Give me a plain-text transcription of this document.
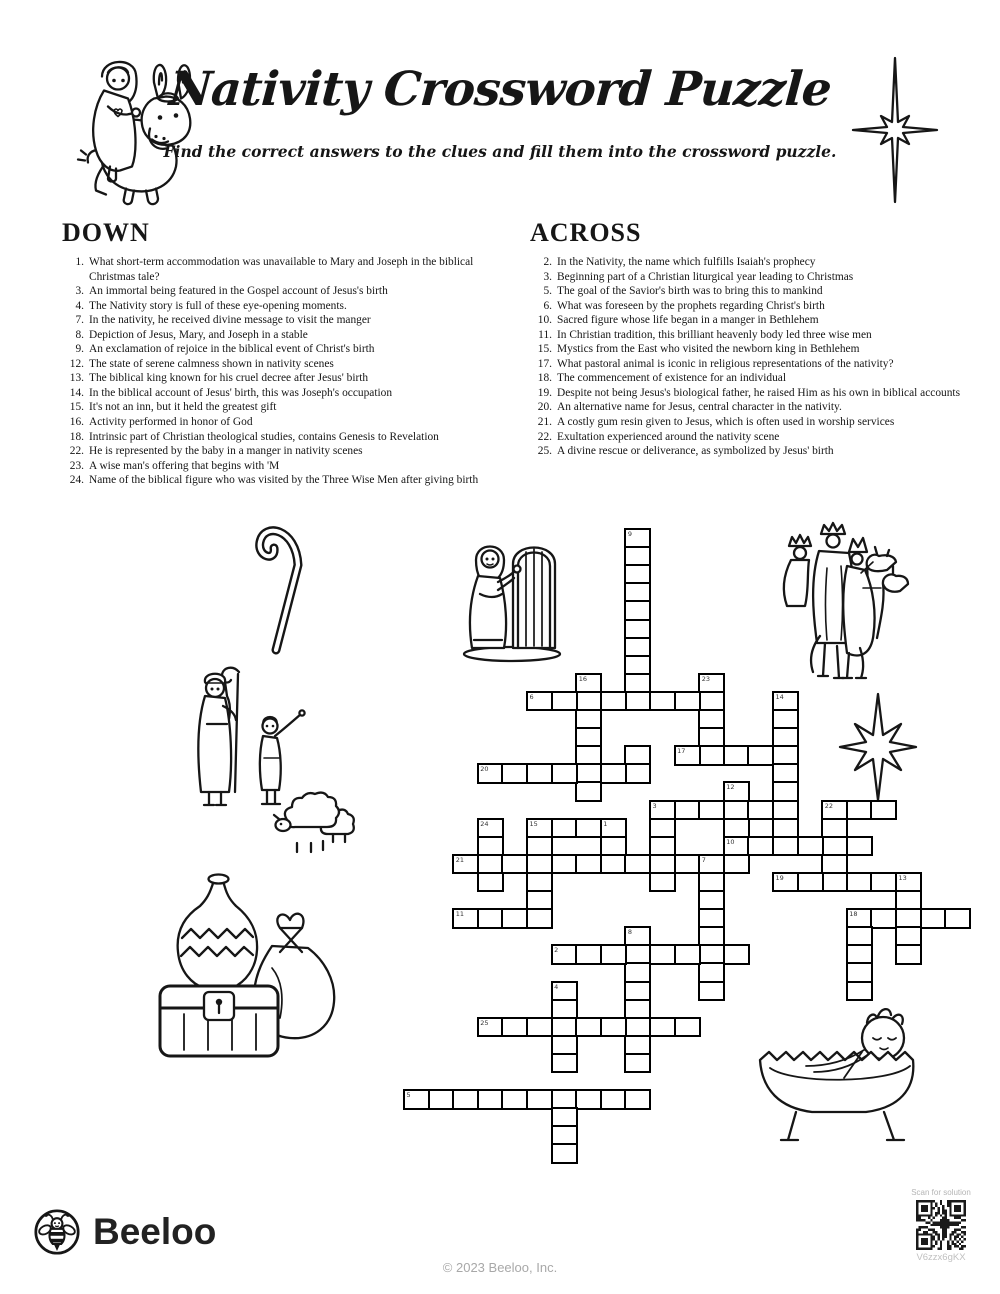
Nativity Crossword Puzzle
Find the correct answers to the clues and fill them into the crossword puzzle.
DOWN
1. What short-term accommodation was unavailable to Mary and Joseph in the biblical Christmas tale?
3. An immortal being featured in the Gospel account of Jesus's birth
4. The Nativity story is full of these eye-opening moments.
7. In the nativity, he received divine message to visit the manger
8. Depiction of Jesus, Mary, and Joseph in a stable
9. An exclamation of rejoice in the biblical event of Christ's birth
12. The state of serene calmness shown in nativity scenes
13. The biblical king known for his cruel decree after Jesus' birth
14. In the biblical account of Jesus' birth, this was Joseph's occupation
15. It's not an inn, but it held the greatest gift
16. Activity performed in honor of God
18. Intrinsic part of Christian theological studies, contains Genesis to Revelation
22. He is represented by the baby in a manger in nativity scenes
23. A wise man's offering that begins with 'M
24. Name of the biblical figure who was visited by the Three Wise Men after giving birth
ACROSS
2. In the Nativity, the name which fulfills Isaiah's prophecy
3. Beginning part of a Christian liturgical year leading to Christmas
5. The goal of the Savior's birth was to bring this to mankind
6. What was foreseen by the prophets regarding Christ's birth
10. Sacred figure whose life began in a manger in Bethlehem
11. In Christian tradition, this brilliant heavenly body led three wise men
15. Mystics from the East who visited the newborn king in Bethlehem
17. What pastoral animal is iconic in religious representations of the nativity?
18. The commencement of existence for an individual
19. Despite not being Jesus's biological father, he raised Him as his own in biblical accounts
20. An alternative name for Jesus, central character in the nativity.
21. A costly gum resin given to Jesus, which is often used in worship services
22. Exultation experienced around the nativity scene
25. A divine rescue or deliverance, as symbolized by Jesus' birth
9
16	23
6	14
17
20
12
10
3	22
24	15	1
21	7
19	13
11	18
8
2
4
25
5
Beeloo
© 2023 Beeloo, Inc.
Scan for solution
V6zzx6gKX
